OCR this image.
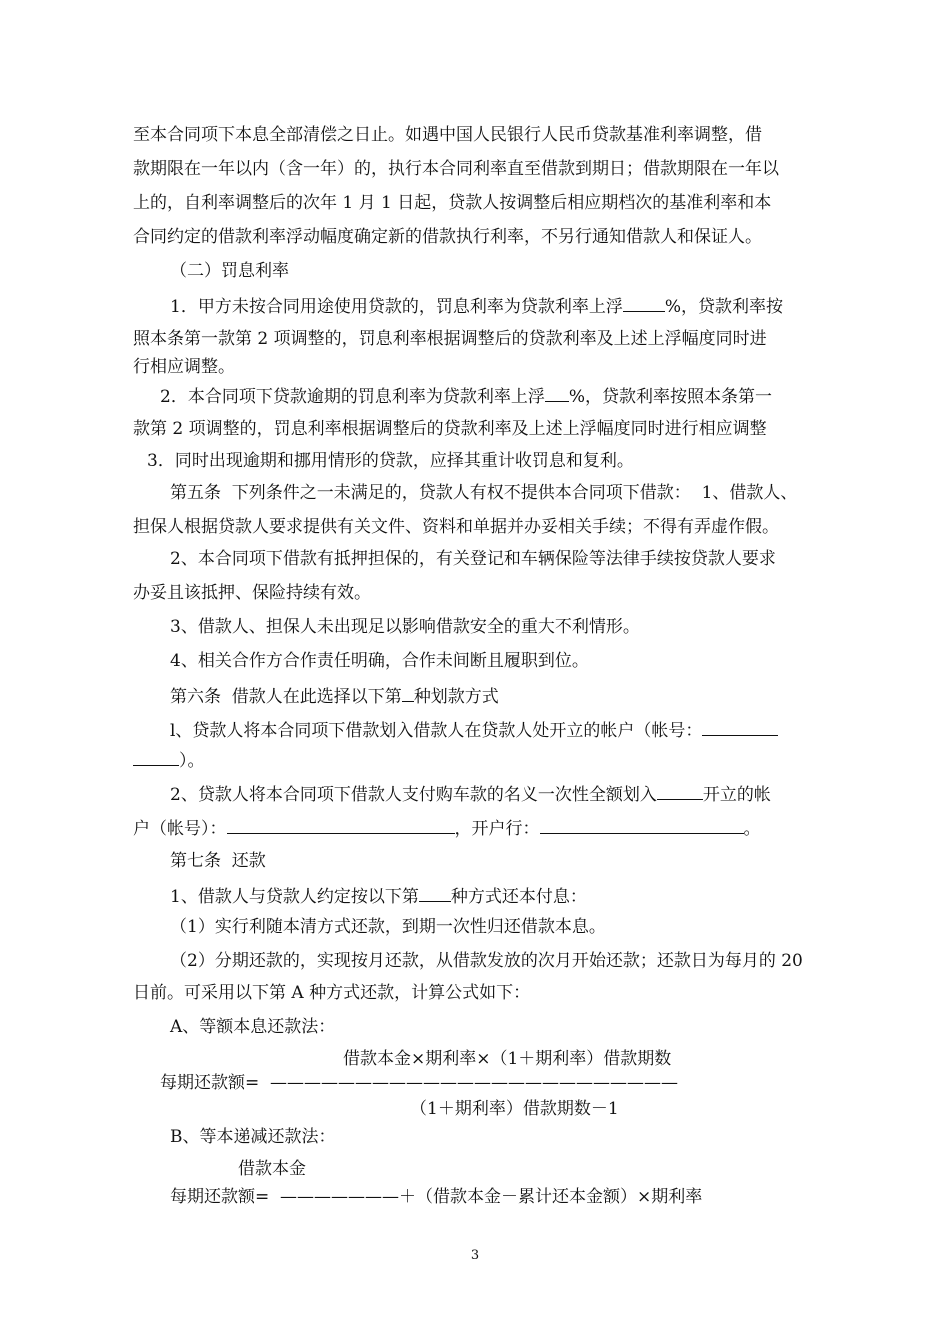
至本合同项下本息全部清偿之日止。如遇中国人民银行人民币贷款基准利率调整，借
款期限在一年以内（含一年）的，执行本合同利率直至借款到期日；借款期限在一年以
上的，自利率调整后的次年 1 月 1 日起，贷款人按调整后相应期档次的基准利率和本
合同约定的借款利率浮动幅度确定新的借款执行利率，不另行通知借款人和保证人。
（二）罚息利率
1．甲方未按合同用途使用贷款的，罚息利率为贷款利率上浮 %，贷款利率按
照本条第一款第 2 项调整的，罚息利率根据调整后的贷款利率及上述上浮幅度同时进
行相应调整。
2．本合同项下贷款逾期的罚息利率为贷款利率上浮 %，贷款利率按照本条第一
款第 2 项调整的，罚息利率根据调整后的贷款利率及上述上浮幅度同时进行相应调整
3．同时出现逾期和挪用情形的贷款，应择其重计收罚息和复利。
第五条  下列条件之一未满足的，贷款人有权不提供本合同项下借款：  1、借款人、
担保人根据贷款人要求提供有关文件、资料和单据并办妥相关手续；不得有弄虚作假。
2、本合同项下借款有抵押担保的，有关登记和车辆保险等法律手续按贷款人要求
办妥且该抵押、保险持续有效。
3、借款人、担保人未出现足以影响借款安全的重大不利情形。
4、相关合作方合作责任明确，合作未间断且履职到位。
第六条  借款人在此选择以下第 种划款方式
l、贷款人将本合同项下借款划入借款人在贷款人处开立的帐户（帐号：
）。
2、贷款人将本合同项下借款人支付购车款的名义一次性全额划入	开立的帐
户（帐号）：	，开户行：	。
第七条  还款
1、借款人与贷款人约定按以下第 种方式还本付息：
（1）实行利随本清方式还款，到期一次性归还借款本息。
（2）分期还款的，实现按月还款，从借款发放的次月开始还款；还款日为每月的 20
日前。可采用以下第 A 种方式还款，计算公式如下：
A、等额本息还款法：
借款本金×期利率×（1＋期利率）借款期数
每期还款额=  ————————————————————————
（1＋期利率）借款期数－1
B、等本递减还款法：
借款本金
每期还款额=  ———————＋（借款本金－累计还本金额）×期利率
3
